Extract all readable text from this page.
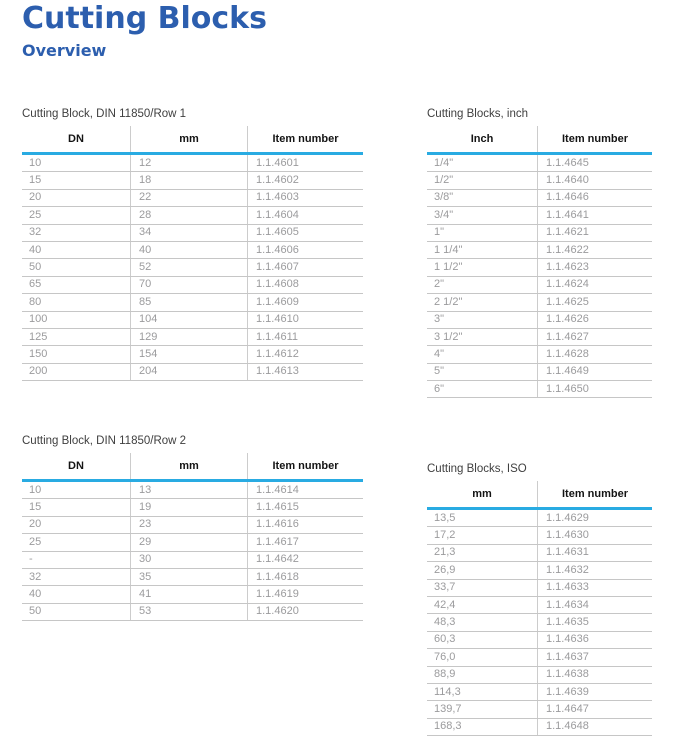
Cutting Blocks
Overview

Cutting Block, DIN 11850/Row 1

DN	mm	Item number
10	12	1.1.4601
15	18	1.1.4602
20	22	1.1.4603
25	28	1.1.4604
32	34	1.1.4605
40	40	1.1.4606
50	52	1.1.4607
65	70	1.1.4608
80	85	1.1.4609
100	104	1.1.4610
125	129	1.1.4611
150	154	1.1.4612
200	204	1.1.4613

Cutting Blocks, inch

Inch	Item number
1/4"	1.1.4645
1/2"	1.1.4640
3/8"	1.1.4646
3/4"	1.1.4641
1"	1.1.4621
1 1/4"	1.1.4622
1 1/2"	1.1.4623
2"	1.1.4624
2 1/2"	1.1.4625
3"	1.1.4626
3 1/2"	1.1.4627
4"	1.1.4628
5"	1.1.4649
6"	1.1.4650

Cutting Block, DIN 11850/Row 2

DN	mm	Item number
10	13	1.1.4614
15	19	1.1.4615
20	23	1.1.4616
25	29	1.1.4617
-	30	1.1.4642
32	35	1.1.4618
40	41	1.1.4619
50	53	1.1.4620

Cutting Blocks, ISO

mm	Item number
13,5	1.1.4629
17,2	1.1.4630
21,3	1.1.4631
26,9	1.1.4632
33,7	1.1.4633
42,4	1.1.4634
48,3	1.1.4635
60,3	1.1.4636
76,0	1.1.4637
88,9	1.1.4638
114,3	1.1.4639
139,7	1.1.4647
168,3	1.1.4648
